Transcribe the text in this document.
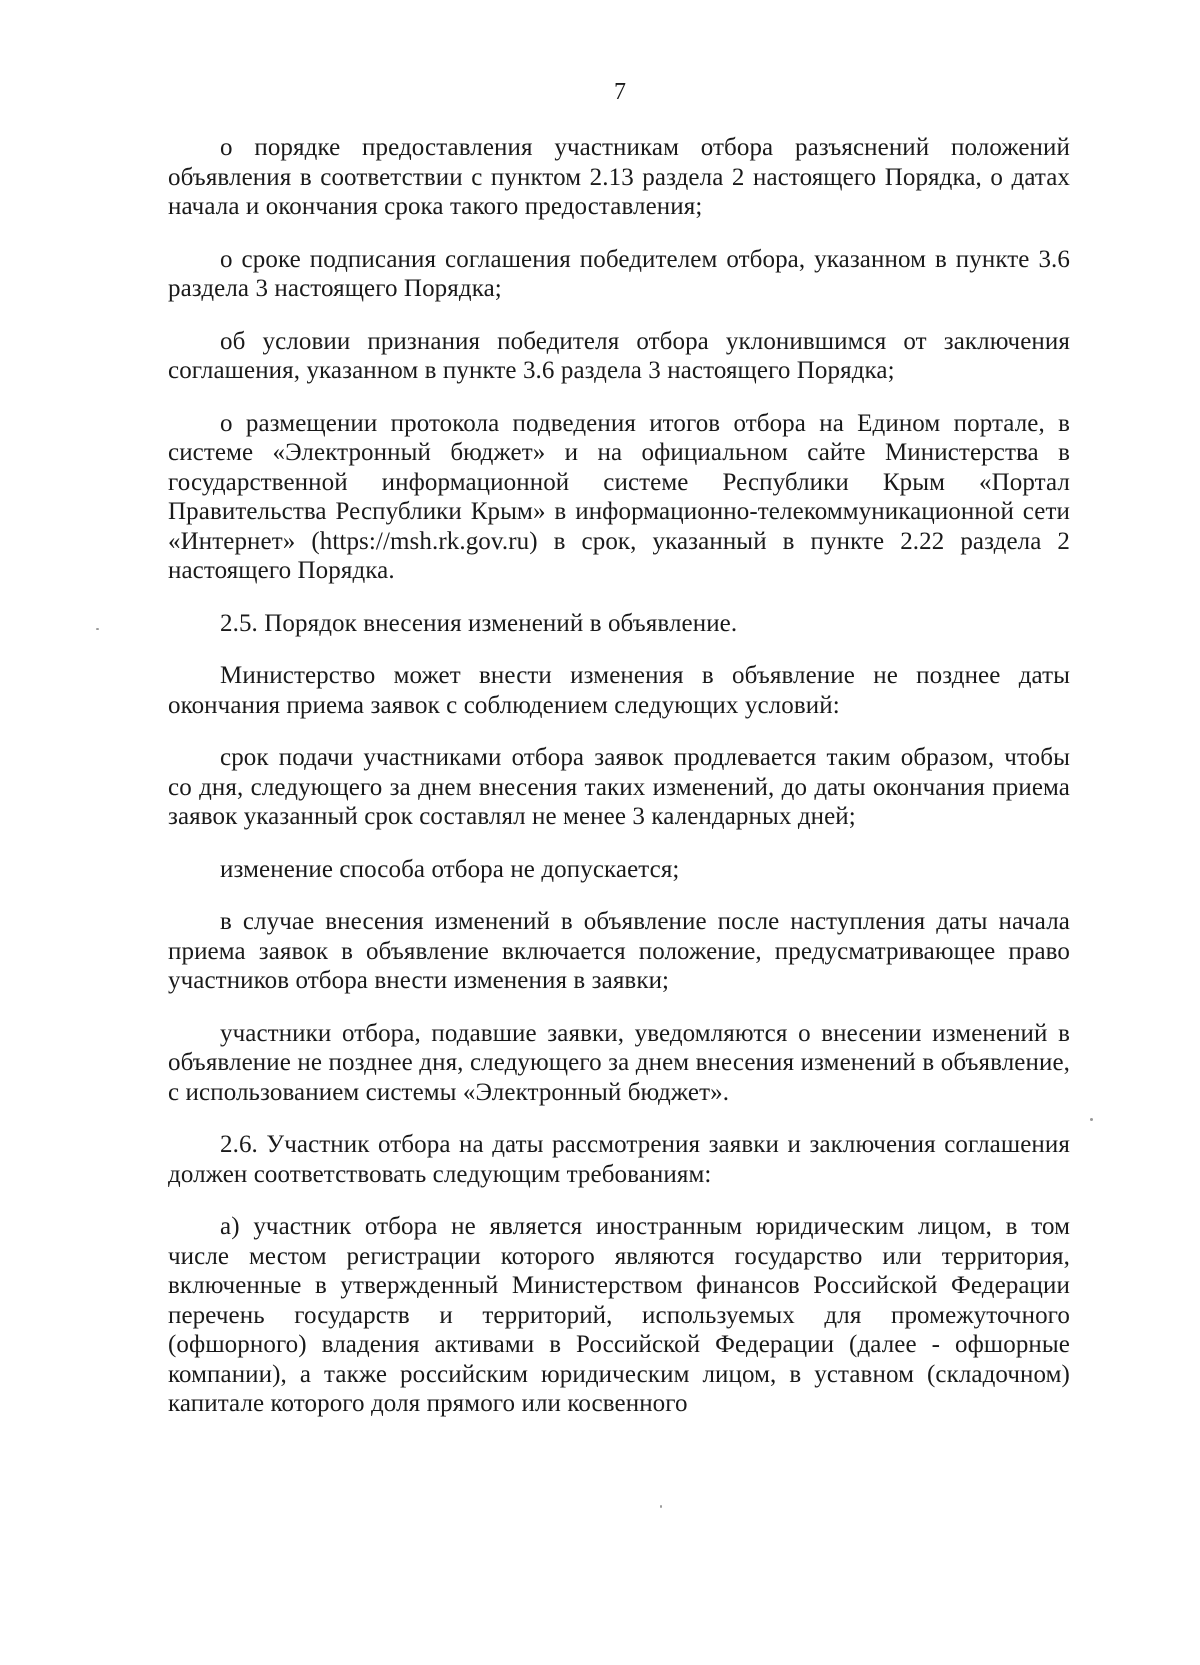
7

о порядке предоставления участникам отбора разъяснений положений объявления в соответствии с пунктом 2.13 раздела 2 настоящего Порядка, о датах начала и окончания срока такого предоставления;

о сроке подписания соглашения победителем отбора, указанном в пункте 3.6 раздела 3 настоящего Порядка;

об условии признания победителя отбора уклонившимся от заключения соглашения, указанном в пункте 3.6 раздела 3 настоящего Порядка;

о размещении протокола подведения итогов отбора на Едином портале, в системе «Электронный бюджет» и на официальном сайте Министерства в государственной информационной системе Республики Крым «Портал Правительства Республики Крым» в информационно-телекоммуникационной сети «Интернет» (https://msh.rk.gov.ru) в срок, указанный в пункте 2.22 раздела 2 настоящего Порядка.

2.5. Порядок внесения изменений в объявление.

Министерство может внести изменения в объявление не позднее даты окончания приема заявок с соблюдением следующих условий:

срок подачи участниками отбора заявок продлевается таким образом, чтобы со дня, следующего за днем внесения таких изменений, до даты окончания приема заявок указанный срок составлял не менее 3 календарных дней;

изменение способа отбора не допускается;

в случае внесения изменений в объявление после наступления даты начала приема заявок в объявление включается положение, предусматривающее право участников отбора внести изменения в заявки;

участники отбора, подавшие заявки, уведомляются о внесении изменений в объявление не позднее дня, следующего за днем внесения изменений в объявление, с использованием системы «Электронный бюджет».

2.6. Участник отбора на даты рассмотрения заявки и заключения соглашения должен соответствовать следующим требованиям:

а) участник отбора не является иностранным юридическим лицом, в том числе местом регистрации которого являются государство или территория, включенные в утвержденный Министерством финансов Российской Федерации перечень государств и территорий, используемых для промежуточного (офшорного) владения активами в Российской Федерации (далее - офшорные компании), а также российским юридическим лицом, в уставном (складочном) капитале которого доля прямого или косвенного
